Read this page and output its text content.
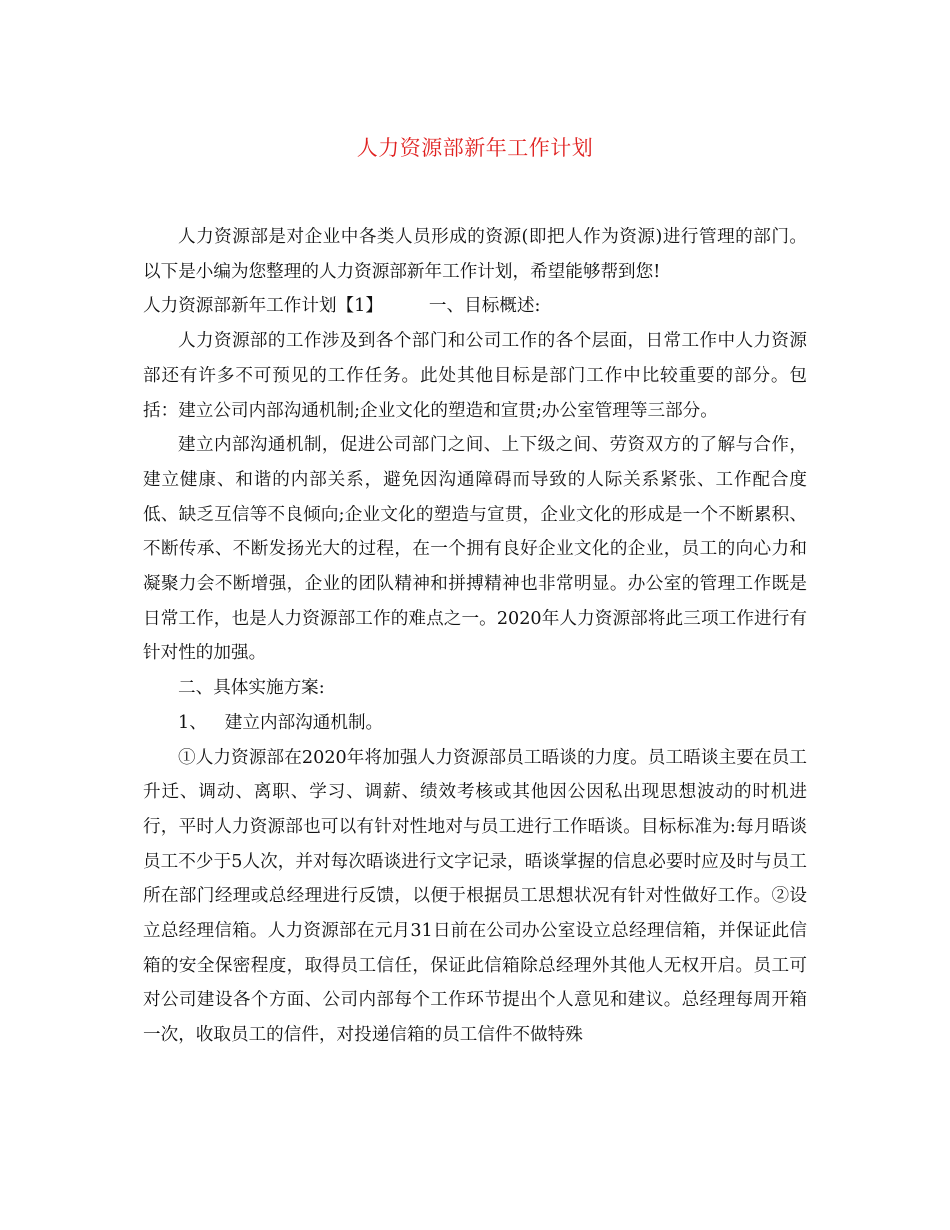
人力资源部新年工作计划

人力资源部是对企业中各类人员形成的资源(即把人作为资源)进行管理的部门。以下是小编为您整理的人力资源部新年工作计划，希望能够帮到您!

人力资源部新年工作计划【1】	一、目标概述:

人力资源部的工作涉及到各个部门和公司工作的各个层面，日常工作中人力资源部还有许多不可预见的工作任务。此处其他目标是部门工作中比较重要的部分。包括：建立公司内部沟通机制;企业文化的塑造和宣贯;办公室管理等三部分。

建立内部沟通机制，促进公司部门之间、上下级之间、劳资双方的了解与合作，建立健康、和谐的内部关系，避免因沟通障碍而导致的人际关系紧张、工作配合度低、缺乏互信等不良倾向;企业文化的塑造与宣贯，企业文化的形成是一个不断累积、不断传承、不断发扬光大的过程，在一个拥有良好企业文化的企业，员工的向心力和凝聚力会不断增强，企业的团队精神和拼搏精神也非常明显。办公室的管理工作既是日常工作，也是人力资源部工作的难点之一。2020年人力资源部将此三项工作进行有针对性的加强。

二、具体实施方案:

1、 建立内部沟通机制。

①人力资源部在2020年将加强人力资源部员工晤谈的力度。员工晤谈主要在员工升迁、调动、离职、学习、调薪、绩效考核或其他因公因私出现思想波动的时机进行，平时人力资源部也可以有针对性地对与员工进行工作晤谈。目标标准为:每月晤谈员工不少于5人次，并对每次晤谈进行文字记录，晤谈掌握的信息必要时应及时与员工所在部门经理或总经理进行反馈，以便于根据员工思想状况有针对性做好工作。②设立总经理信箱。人力资源部在元月31日前在公司办公室设立总经理信箱，并保证此信箱的安全保密程度，取得员工信任，保证此信箱除总经理外其他人无权开启。员工可对公司建设各个方面、公司内部每个工作环节提出个人意见和建议。总经理每周开箱一次，收取员工的信件，对投递信箱的员工信件不做特殊
